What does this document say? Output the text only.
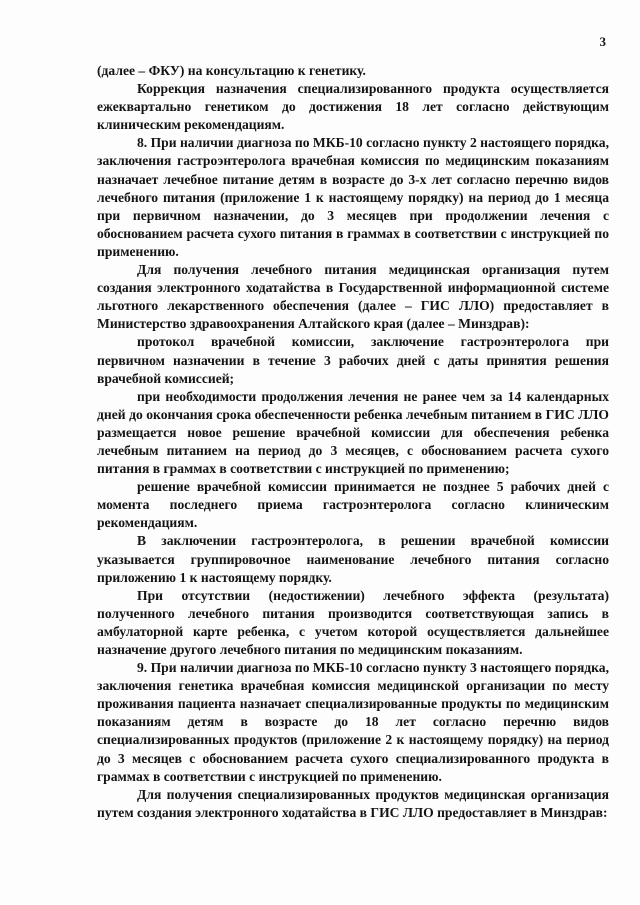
3

(далее – ФКУ) на консультацию к генетику.

Коррекция назначения специализированного продукта осуществляется ежеквартально генетиком до достижения 18 лет согласно действующим клиническим рекомендациям.

8. При наличии диагноза по МКБ-10 согласно пункту 2 настоящего порядка, заключения гастроэнтеролога врачебная комиссия по медицинским показаниям назначает лечебное питание детям в возрасте до 3-х лет согласно перечню видов лечебного питания (приложение 1 к настоящему порядку) на период до 1 месяца при первичном назначении, до 3 месяцев при продолжении лечения с обоснованием расчета сухого питания в граммах в соответствии с инструкцией по применению.

Для получения лечебного питания медицинская организация путем создания электронного ходатайства в Государственной информационной системе льготного лекарственного обеспечения (далее – ГИС ЛЛО) предоставляет в Министерство здравоохранения Алтайского края (далее – Минздрав):

протокол врачебной комиссии, заключение гастроэнтеролога при первичном назначении в течение 3 рабочих дней с даты принятия решения врачебной комиссией;

при необходимости продолжения лечения не ранее чем за 14 календарных дней до окончания срока обеспеченности ребенка лечебным питанием в ГИС ЛЛО размещается новое решение врачебной комиссии для обеспечения ребенка лечебным питанием на период до 3 месяцев, с обоснованием расчета сухого питания в граммах в соответствии с инструкцией по применению;

решение врачебной комиссии принимается не позднее 5 рабочих дней с момента последнего приема гастроэнтеролога согласно клиническим рекомендациям.

В заключении гастроэнтеролога, в решении врачебной комиссии указывается группировочное наименование лечебного питания согласно приложению 1 к настоящему порядку.

При отсутствии (недостижении) лечебного эффекта (результата) полученного лечебного питания производится соответствующая запись в амбулаторной карте ребенка, с учетом которой осуществляется дальнейшее назначение другого лечебного питания по медицинским показаниям.

9. При наличии диагноза по МКБ-10 согласно пункту 3 настоящего порядка, заключения генетика врачебная комиссия медицинской организации по месту проживания пациента назначает специализированные продукты по медицинским показаниям детям в возрасте до 18 лет согласно перечню видов специализированных продуктов (приложение 2 к настоящему порядку) на период до 3 месяцев с обоснованием расчета сухого специализированного продукта в граммах в соответствии с инструкцией по применению.

Для получения специализированных продуктов медицинская организация путем создания электронного ходатайства в ГИС ЛЛО предоставляет в Минздрав:
